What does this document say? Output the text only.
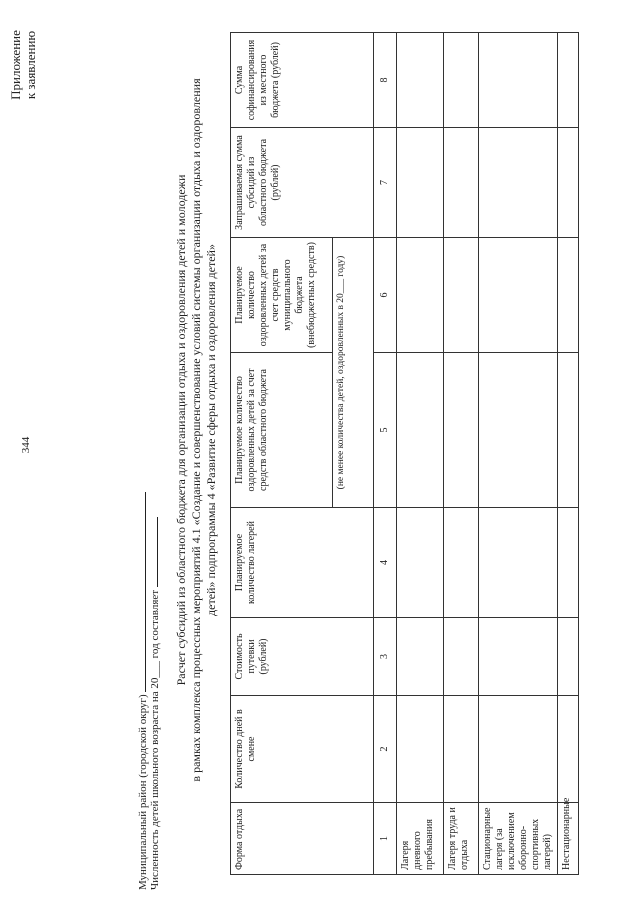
344
Приложение к заявлению
Муниципальный район (городской округ) Численность детей школьного возраста на 20___ год составляет Расчет субсидий из областного бюджета для организации отдыха и оздоровления детей и молодежи в рамках комплекса процессных мероприятий 4.1 «Создание и совершенствование условий системы организации отдыха и оздоровления детей» подпрограммы 4 «Развитие сферы отдыха и оздоровления детей»
Форма отдыха	Количество дней в смене	Стоимость путевки (рублей)	Планируемое количество лагерей	Планируемое количество оздоровленных детей за счет средств областного бюджета	Планируемое количество оздоровленных детей за счет средств муниципального бюджета (внебюджетных средств)	Запрашиваемая сумма субсидий из областного бюджета (рублей)	Сумма софинансирования из местного бюджета (рублей)
				(не менее количества детей, оздоровленных в 20___ году)			
1	2	3	4	5	6	7	8
Лагеря дневного пребывания							
Лагеря труда и отдыха							
Стационарные лагеря (за исключением оборонно-спортивных лагерей)							
Нестационарные							
